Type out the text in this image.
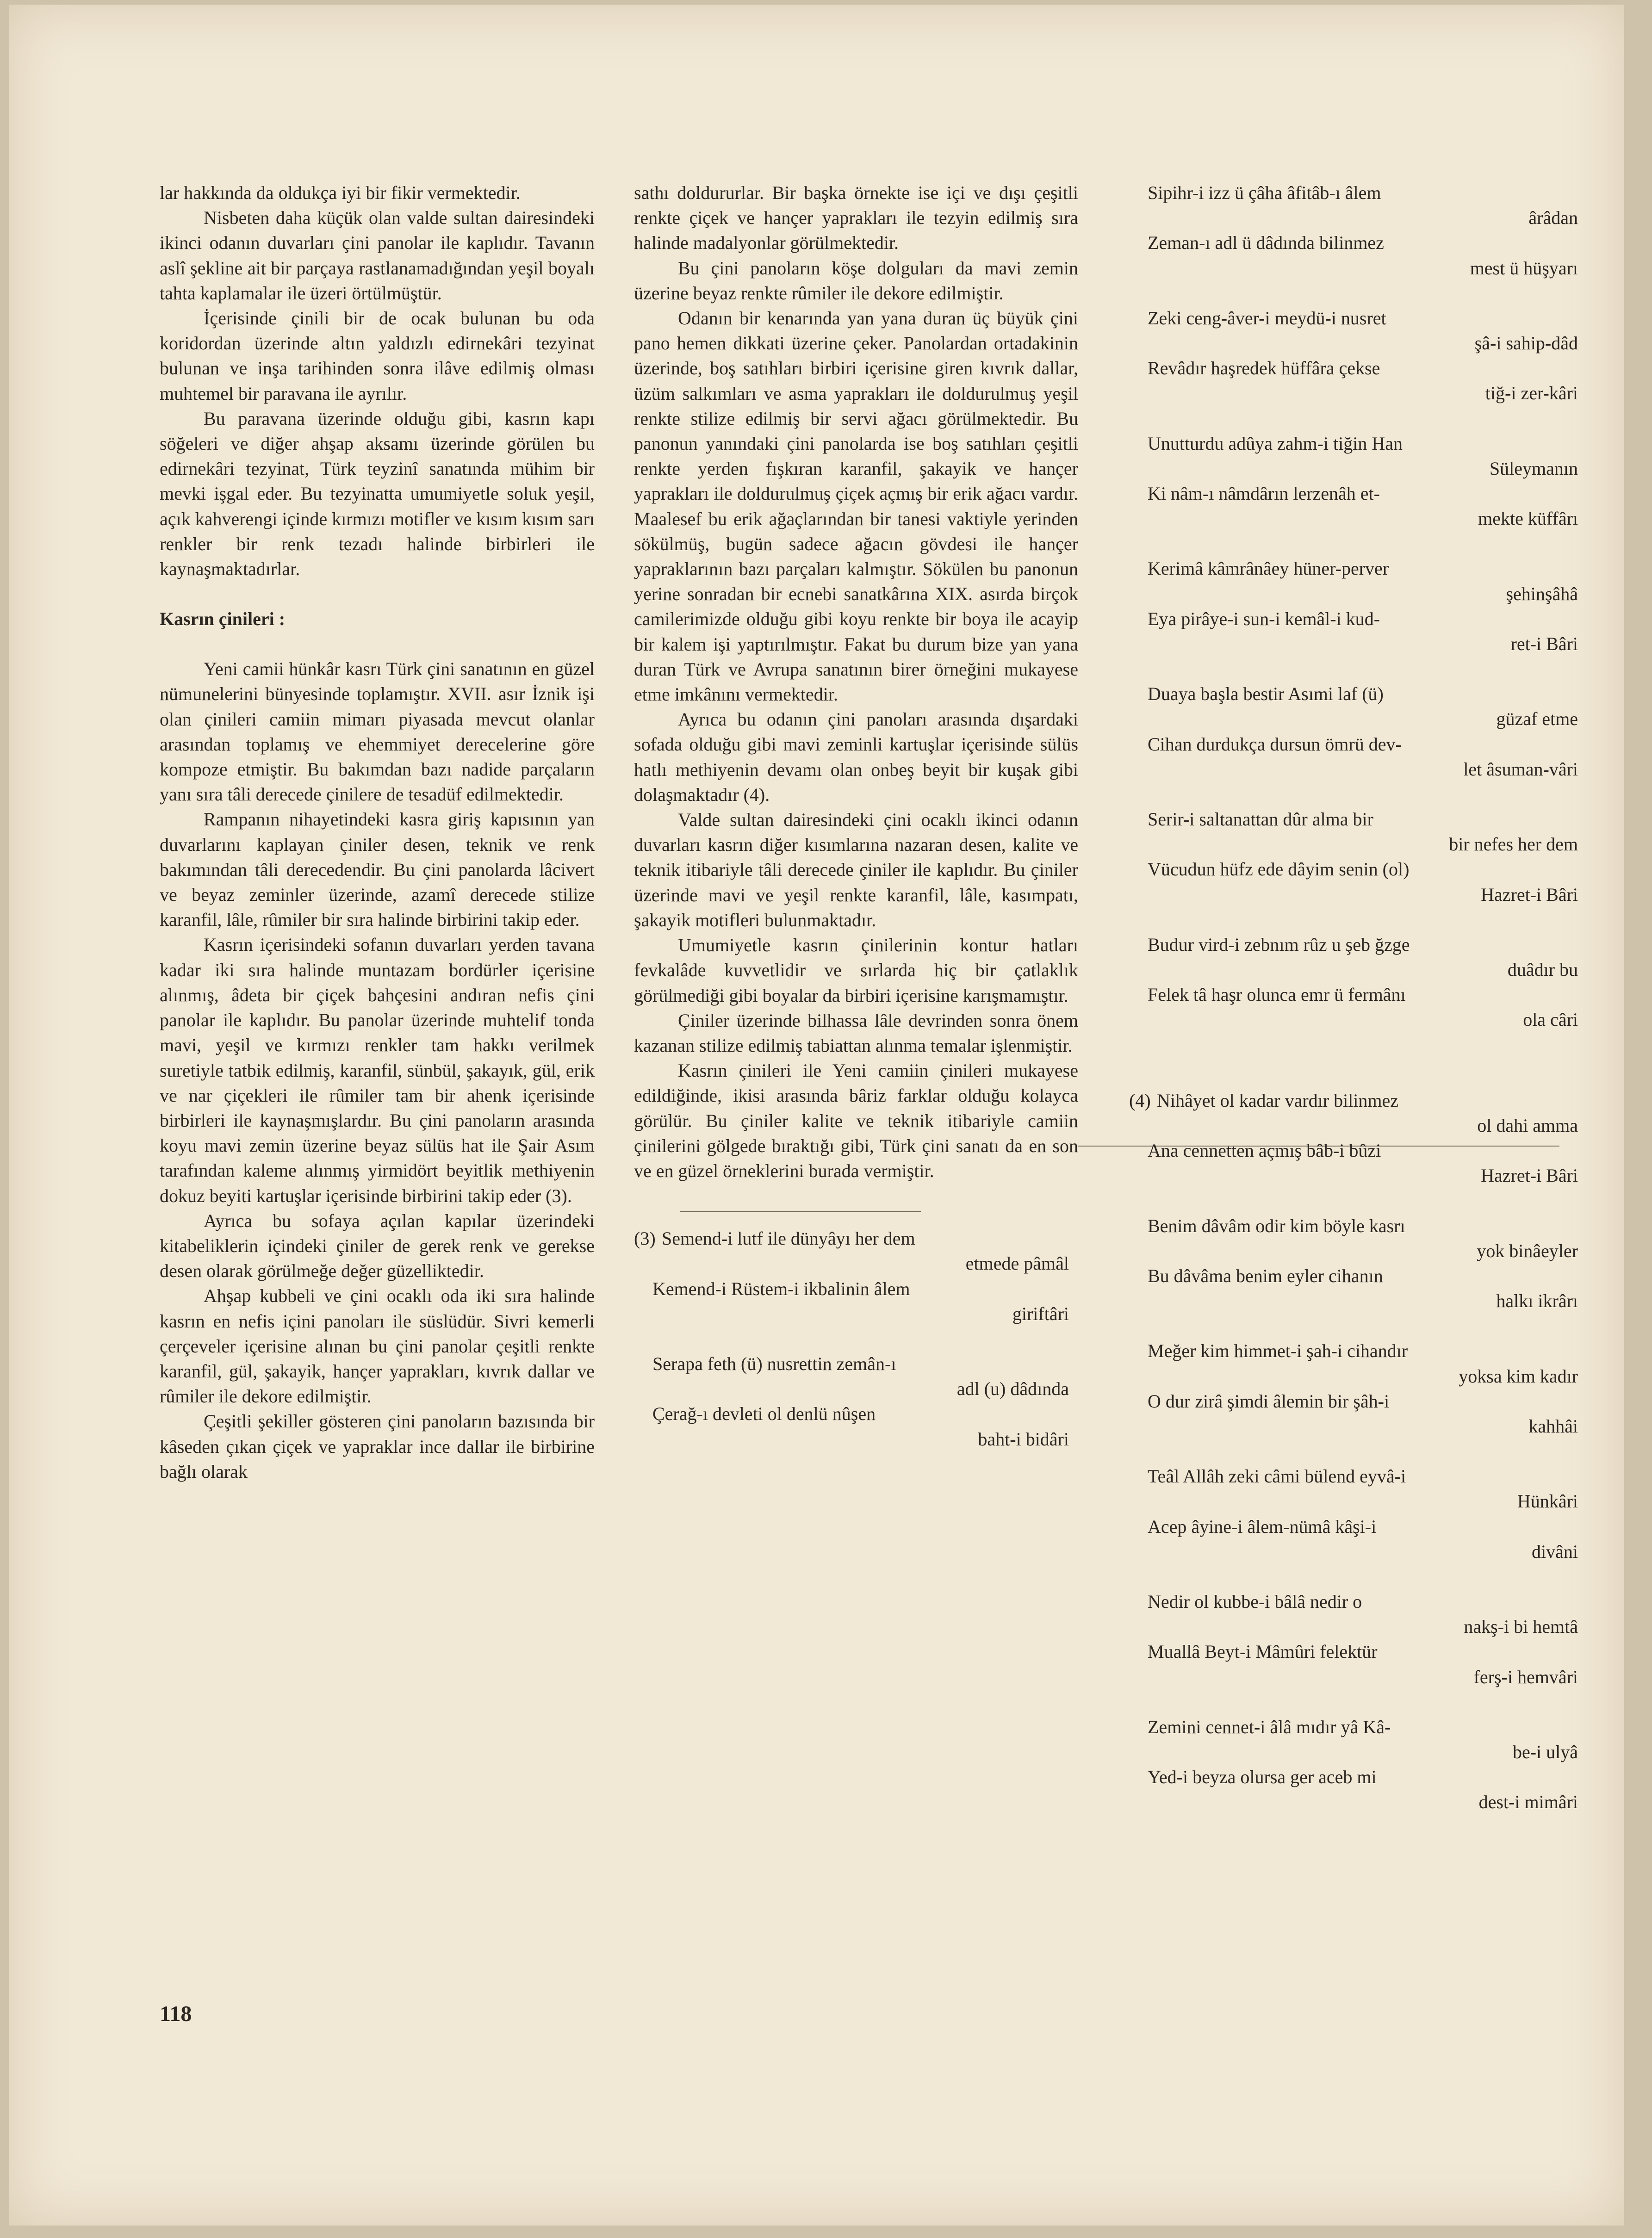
lar hakkında da oldukça iyi bir fikir vermektedir.

Nisbeten daha küçük olan valde sultan dairesindeki ikinci odanın duvarları çini panolar ile kaplıdır. Tavanın aslî şekline ait bir parçaya rastlanamadığından yeşil boyalı tahta kaplamalar ile üzeri örtülmüştür.

İçerisinde çinili bir de ocak bulunan bu oda koridordan üzerinde altın yaldızlı edirnekâri tezyinat bulunan ve inşa tarihinden sonra ilâve edilmiş olması muhtemel bir paravana ile ayrılır.

Bu paravana üzerinde olduğu gibi, kasrın kapı söğeleri ve diğer ahşap aksamı üzerinde görülen bu edirnekâri tezyinat, Türk teyzinî sanatında mühim bir mevki işgal eder. Bu tezyinatta umumiyetle soluk yeşil, açık kahverengi içinde kırmızı motifler ve kısım kısım sarı renkler bir renk tezadı halinde birbirleri ile kaynaşmaktadırlar.

Kasrın çinileri :

Yeni camii hünkâr kasrı Türk çini sanatının en güzel nümunelerini bünyesinde toplamıştır. XVII. asır İznik işi olan çinileri camiin mimarı piyasada mevcut olanlar arasından toplamış ve ehemmiyet derecelerine göre kompoze etmiştir. Bu bakımdan bazı nadide parçaların yanı sıra tâli derecede çinilere de tesadüf edilmektedir.

Rampanın nihayetindeki kasra giriş kapısının yan duvarlarını kaplayan çiniler desen, teknik ve renk bakımından tâli derecedendir. Bu çini panolarda lâcivert ve beyaz zeminler üzerinde, azamî derecede stilize karanfil, lâle, rûmiler bir sıra halinde birbirini takip eder.

Kasrın içerisindeki sofanın duvarları yerden tavana kadar iki sıra halinde muntazam bordürler içerisine alınmış, âdeta bir çiçek bahçesini andıran nefis çini panolar ile kaplıdır. Bu panolar üzerinde muhtelif tonda mavi, yeşil ve kırmızı renkler tam hakkı verilmek suretiyle tatbik edilmiş, karanfil, sünbül, şakayık, gül, erik ve nar çiçekleri ile rûmiler tam bir ahenk içerisinde birbirleri ile kaynaşmışlardır. Bu çini panoların arasında koyu mavi zemin üzerine beyaz sülüs hat ile Şair Asım tarafından kaleme alınmış yirmidört beyitlik methiyenin dokuz beyiti kartuşlar içerisinde birbirini takip eder (3).

Ayrıca bu sofaya açılan kapılar üzerindeki kitabeliklerin içindeki çiniler de gerek renk ve gerekse desen olarak görülmeğe değer güzelliktedir.

Ahşap kubbeli ve çini ocaklı oda iki sıra halinde kasrın en nefis içini panoları ile süslüdür. Sivri kemerli çerçeveler içerisine alınan bu çini panolar çeşitli renkte karanfil, gül, şakayik, hançer yaprakları, kıvrık dallar ve rûmiler ile dekore edilmiştir.

Çeşitli şekiller gösteren çini panoların bazısında bir kâseden çıkan çiçek ve yapraklar ince dallar ile birbirine bağlı olarak

sathı doldururlar. Bir başka örnekte ise içi ve dışı çeşitli renkte çiçek ve hançer yaprakları ile tezyin edilmiş sıra halinde madalyonlar görülmektedir.

Bu çini panoların köşe dolguları da mavi zemin üzerine beyaz renkte rûmiler ile dekore edilmiştir.

Odanın bir kenarında yan yana duran üç büyük çini pano hemen dikkati üzerine çeker. Panolardan ortadakinin üzerinde, boş satıhları birbiri içerisine giren kıvrık dallar, üzüm salkımları ve asma yaprakları ile doldurulmuş yeşil renkte stilize edilmiş bir servi ağacı görülmektedir. Bu panonun yanındaki çini panolarda ise boş satıhları çeşitli renkte yerden fışkıran karanfil, şakayik ve hançer yaprakları ile doldurulmuş çiçek açmış bir erik ağacı vardır. Maalesef bu erik ağaçlarından bir tanesi vaktiyle yerinden sökülmüş, bugün sadece ağacın gövdesi ile hançer yapraklarının bazı parçaları kalmıştır. Sökülen bu panonun yerine sonradan bir ecnebi sanatkârına XIX. asırda birçok camilerimizde olduğu gibi koyu renkte bir boya ile acayip bir kalem işi yaptırılmıştır. Fakat bu durum bize yan yana duran Türk ve Avrupa sanatının birer örneğini mukayese etme imkânını vermektedir.

Ayrıca bu odanın çini panoları arasında dışardaki sofada olduğu gibi mavi zeminli kartuşlar içerisinde sülüs hatlı methiyenin devamı olan onbeş beyit bir kuşak gibi dolaşmaktadır (4).

Valde sultan dairesindeki çini ocaklı ikinci odanın duvarları kasrın diğer kısımlarına nazaran desen, kalite ve teknik itibariyle tâli derecede çiniler ile kaplıdır. Bu çiniler üzerinde mavi ve yeşil renkte karanfil, lâle, kasımpatı, şakayik motifleri bulunmaktadır.

Umumiyetle kasrın çinilerinin kontur hatları fevkalâde kuvvetlidir ve sırlarda hiç bir çatlaklık görülmediği gibi boyalar da birbiri içerisine karışmamıştır.

Çiniler üzerinde bilhassa lâle devrinden sonra önem kazanan stilize edilmiş tabiattan alınma temalar işlenmiştir.

Kasrın çinileri ile Yeni camiin çinileri mukayese edildiğinde, ikisi arasında bâriz farklar olduğu kolayca görülür. Bu çiniler kalite ve teknik itibariyle camiin çinilerini gölgede bıraktığı gibi, Türk çini sanatı da en son ve en güzel örneklerini burada vermiştir.

(3) Semend-i lutf ile dünyâyı her dem
etmede pâmâl
Kemend-i Rüstem-i ikbalinin âlem
giriftâri
Serapa feth (ü) nusrettin zemân-ı
adl (u) dâdında
Çerağ-ı devleti ol denlü nûşen
baht-i bidâri
Sipihr-i izz ü çâha âfitâb-ı âlem
ârâdan
Zeman-ı adl ü dâdında bilinmez
mest ü hüşyarı
Zeki ceng-âver-i meydü-i nusret
şâ-i sahip-dâd
Revâdır haşredek hüffâra çekse
tiğ-i zer-kâri
Unutturdu adûya zahm-i tiğin Han
Süleymanın
Ki nâm-ı nâmdârın lerzenâh et-
mekte küffârı
Kerimâ kâmrânâey hüner-perver
şehinşâhâ
Eya pirâye-i sun-i kemâl-i kud-
ret-i Bâri
Duaya başla bestir Asımi laf (ü)
güzaf etme
Cihan durdukça dursun ömrü dev-
let âsuman-vâri
Serir-i saltanattan dûr alma bir
bir nefes her dem
Vücudun hüfz ede dâyim senin (ol)
Hazret-i Bâri
Budur vird-i zebnım rûz u şeb ğzge
duâdır bu
Felek tâ haşr olunca emr ü fermânı
ola câri
(4) Nihâyet ol kadar vardır bilinmez
ol dahi amma
Ana cennetten açmış bâb-i bûzi
Hazret-i Bâri
Benim dâvâm odir kim böyle kasrı
yok binâeyler
Bu dâvâma benim eyler cihanın
halkı ikrârı
Meğer kim himmet-i şah-i cihandır
yoksa kim kadır
O dur zirâ şimdi âlemin bir şâh-i
kahhâi
Teâl Allâh zeki câmi bülend eyvâ-i
Hünkâri
Acep âyine-i âlem-nümâ kâşi-i
divâni
Nedir ol kubbe-i bâlâ nedir o
nakş-i bi hemtâ
Muallâ Beyt-i Mâmûri felektür
ferş-i hemvâri
Zemini cennet-i âlâ mıdır yâ Kâ-
be-i ulyâ
Yed-i beyza olursa ger aceb mi
dest-i mimâri
118
